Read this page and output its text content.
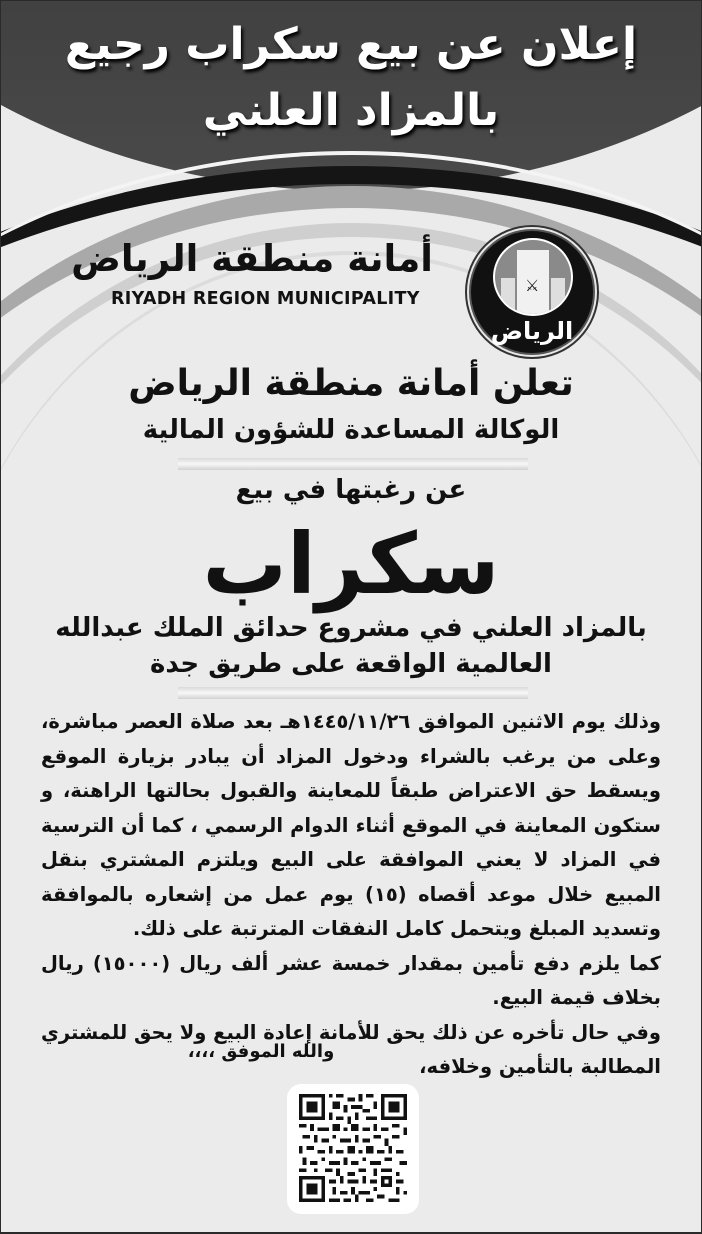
إعلان عن بيع سكراب رجيع
بالمزاد العلني
⚔
الرياض
أمانة منطقة الرياض
RIYADH REGION MUNICIPALITY
تعلن أمانة منطقة الرياض
الوكالة المساعدة للشؤون المالية
عن رغبتها في بيع
سكراب
بالمزاد العلني في مشروع حدائق الملك عبدالله
العالمية الواقعة على طريق جدة

وذلك يوم الاثنين الموافق ١٤٤٥/١١/٢٦هـ بعد صلاة العصر مباشرة، وعلى من يرغب بالشراء ودخول المزاد أن يبادر بزيارة الموقع ويسقط حق الاعتراض طبقاً للمعاينة والقبول بحالتها الراهنة، و ستكون المعاينة في الموقع أثناء الدوام الرسمي ، كما أن الترسية في المزاد لا يعني الموافقة على البيع ويلتزم المشتري بنقل المبيع خلال موعد أقصاه (١٥) يوم عمل من إشعاره بالموافقة وتسديد المبلغ ويتحمل كامل النفقات المترتبة على ذلك.

كما يلزم دفع تأمين بمقدار خمسة عشر ألف ريال (١٥٠٠٠) ريال بخلاف قيمة البيع.

وفي حال تأخره عن ذلك يحق للأمانة إعادة البيع ولا يحق للمشتري المطالبة بالتأمين وخلافه،

والله الموفق ،،،،
